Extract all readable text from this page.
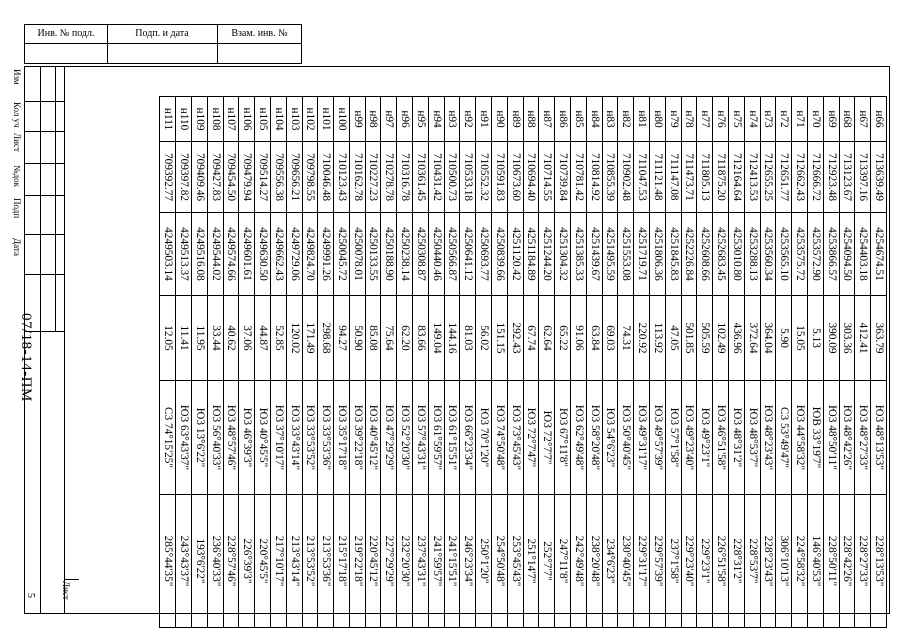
Инв. № подл.	Подп. и дата	Взам. инв. №
Изм
Кол уч
Лист
№док
Подп
Дата
07/18-14-ПМ
Лист
5
н66	713639.49	4254674.51	363.79	Ю3 48°13'53"	228°13'53"
н67	713397.16	4254403.18	412.41	Ю3 48°27'33"	228°27'33"
н68	713123.67	4254094.50	303.36	Ю3 48°42'26"	228°42'26"
н69	712923.48	4253866.57	390.09	Ю3 48°50'11"	228°50'11"
н70	712666.72	4253572.90	5.13	ЮВ 33°19'7"	146°40'53"
н71	712662.43	4253575.72	15.05	Ю3 44°58'32"	224°58'32"
н72	712651.77	4253565.10	5.90	С3 53°49'47"	306°10'13"
н73	712655.25	4253560.34	364.04	Ю3 48°23'43"	228°23'43"
н74	712413.53	4253288.13	372.64	Ю3 48°53'7"	228°53'7"
н75	712164.64	4253010.80	436.96	Ю3 48°31'2"	228°31'2"
н76	711875.20	4252683.45	102.49	Ю3 46°51'58"	226°51'58"
н77	711805.13	4252608.66	505.59	Ю3 49°23'1"	229°23'1"
н78	711473.71	4252226.84	501.85	Ю3 49°23'40"	229°23'40"
н79	711147.08	4251845.83	47.05	Ю3 57°1'58"	237°1'58"
н80	711121.48	4251806.36	113.92	Ю3 49°57'39"	229°57'39"
н81	711047.53	4251719.71	220.92	Ю3 49°31'17"	229°31'17"
н82	710902.48	4251553.08	74.31	Ю3 50°40'45"	230°40'45"
н83	710855.39	4251495.59	69.03	Ю3 54°6'23"	234°6'23"
н84	710814.92	4251439.67	63.84	Ю3 58°20'48"	238°20'48"
н85	710781.42	4251385.33	91.06	Ю3 62°49'48"	242°49'48"
н86	710739.84	4251304.32	65.22	Ю3 67°11'8"	247°11'8"
н87	710714.55	4251244.20	62.64	Ю3 72°7'7"	252°7'7"
н88	710694.40	4251184.89	67.74	Ю3 72°7'47"	251°14'7"
н89	710673.60	4251120.42	292.43	Ю3 73°45'43"	253°45'43"
н90	710591.83	4250839.66	151.15	Ю3 74°50'48"	254°50'48"
н91	710552.32	4250693.77	56.02	Ю3 70°1'20"	250°1'20"
н92	710533.18	4250641.12	81.03	Ю3 66°23'34"	246°23'34"
н93	710500.73	4250566.87	144.16	Ю3 61°15'51"	241°15'51"
н94	710431.42	4250440.46	149.04	Ю3 61°59'57"	241°59'57"
н95	710361.45	4250308.87	83.66	Ю3 57°43'31"	237°43'31"
н96	710316.78	4250238.14	62.20	Ю3 52°20'30"	232°20'30"
н97	710278.78	4250188.90	75.64	Ю3 47°29'29"	227°29'29"
н98	710227.23	4250133.55	85.08	Ю3 40°45'12"	220°45'12"
н99	710162.78	4250078.01	50.90	Ю3 39°22'18"	219°22'18"
н100	710123.43	4250045.72	94.27	Ю3 35°17'18"	215°17'18"
н101	710046.48	4249991.26	298.68	Ю3 33°53'36"	213°53'36"
н102	709798.55	4249824.70	171.49	Ю3 33°53'52"	213°53'52"
н103	709656.21	4249729.06	120.02	Ю3 33°43'14"	213°43'14"
н104	709556.38	4249662.43	52.85	Ю3 37°10'17"	217°10'17"
н105	709514.27	4249630.50	44.87	Ю3 40°45'5"	220°45'5"
н106	709479.94	4249601.61	37.06	Ю3 46°39'3"	226°39'3"
н107	709454.50	4249574.66	40.62	Ю3 48°57'46"	228°57'46"
н108	709427.83	4249544.02	33.44	Ю3 56°40'33"	236°40'33"
н109	709409.46	4249516.08	11.95	Ю3 13°6'22"	193°6'22"
н110	709397.82	4249513.37	11.41	Ю3 63°43'37"	243°43'37"
н111	709392.77	4249503.14	12.05	С3 74°15'25"	285°44'35"
